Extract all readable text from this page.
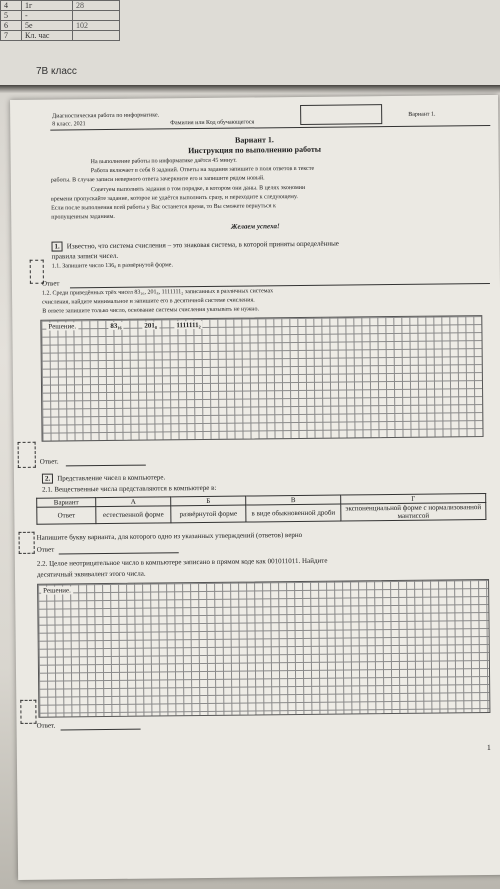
4	1г	28
5	-	
6	5е	102
7	Кл. час	
7В класс
Диагностическая работа по информатике.
8 класс. 2021	Фамилия или Код обучающегося
Вариант 1.
Вариант 1.
Инструкция по выполнению работы
На выполнение работы по информатике даётся 45 минут.
Работа включает в себя 8 заданий. Ответы на задания запишите в поля ответов в тексте
работы. В случае записи неверного ответа зачеркните его и запишите рядом новый.
Советуем выполнять задания в том порядке, в котором они даны. В целях экономии
времени пропускайте задание, которое не удаётся выполнить сразу, и переходите к следующему.
Если после выполнения всей работы у Вас останется время, то Вы сможете вернуться к
пропущенным заданиям.
Желаем успеха!
1. Известно, что система счисления – это знаковая система, в которой приняты определённые
правила записи чисел.
1.1. Запишите число 136₈ в развёрнутой форме.
Ответ
1.2. Среди приведённых трёх чисел 83₁₆, 201₈, 1111111₂ записанных в различных системах
счисления, найдите минимальное и запишите его в десятичной системе счисления.
В ответе запишите только число, основание системы счисления указывать не нужно.
Решение.	83₁₆	201₈	1111111₂
Ответ.
2. Представление чисел в компьютере.
2.1. Вещественные числа представляются в компьютере в:
Вариант	А	Б	В	Г
Ответ	естественной форме	развёрнутой форме	в виде обыкновенной дроби	экспоненциальной форме с нормализованной мантиссой
Напишите букву варианта, для которого одно из указанных утверждений (ответов) верно
Ответ
2.2. Целое неотрицательное число в компьютере записано в прямом коде как 001011011. Найдите
десятичный эквивалент этого числа.
Решение.
Ответ.
1
